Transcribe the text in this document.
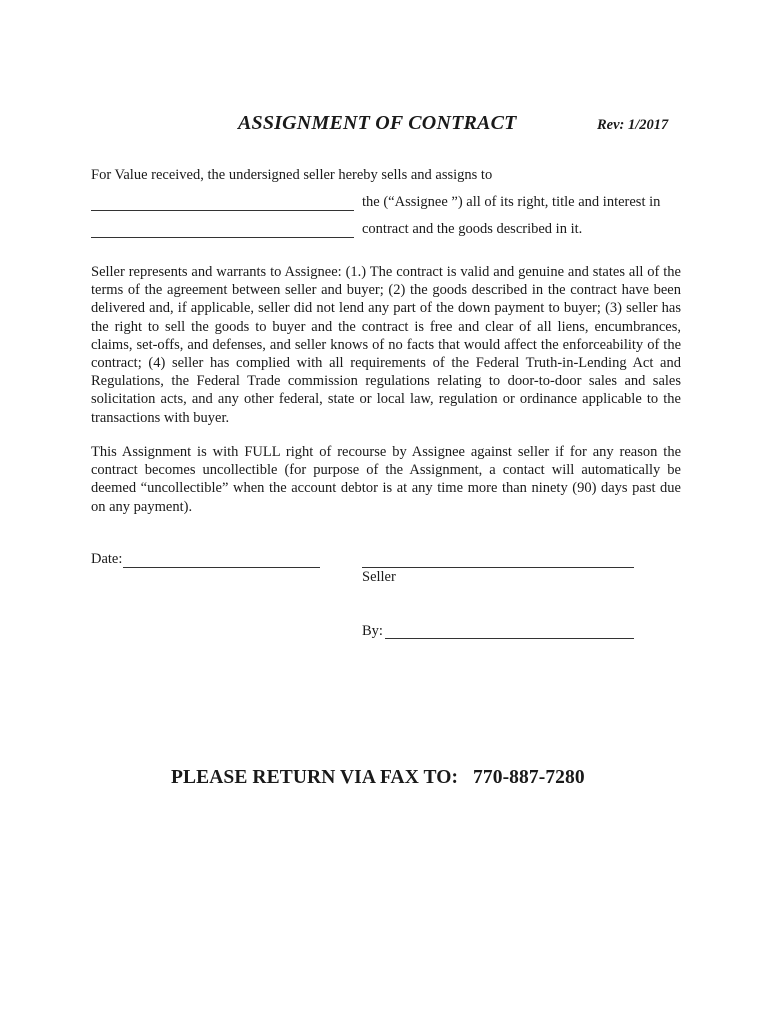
ASSIGNMENT OF CONTRACT	Rev: 1/2017
For Value received, the undersigned seller hereby sells and assigns to
the (“Assignee ”) all of its right, title and interest in
contract and the goods described in it.

Seller represents and warrants to Assignee: (1.) The contract is valid and genuine and states all of the terms of the agreement between seller and buyer; (2) the goods described in the contract have been delivered and, if applicable, seller did not lend any part of the down payment to buyer; (3) seller has the right to sell the goods to buyer and the contract is free and clear of all liens, encumbrances, claims, set-offs, and defenses, and seller knows of no facts that would affect the enforceability of the contract; (4) seller has complied with all requirements of the Federal Truth-in-Lending Act and Regulations, the Federal Trade commission regulations relating to door-to-door sales and sales solicitation acts, and any other federal, state or local law, regulation or ordinance applicable to the transactions with buyer.

This Assignment is with FULL right of recourse by Assignee against seller if for any reason the contract becomes uncollectible (for purpose of the Assignment, a contact will automatically be deemed “uncollectible” when the account debtor is at any time more than ninety (90) days past due on any payment).

Date:
Seller
By:
PLEASE RETURN VIA FAX TO:   770-887-7280
